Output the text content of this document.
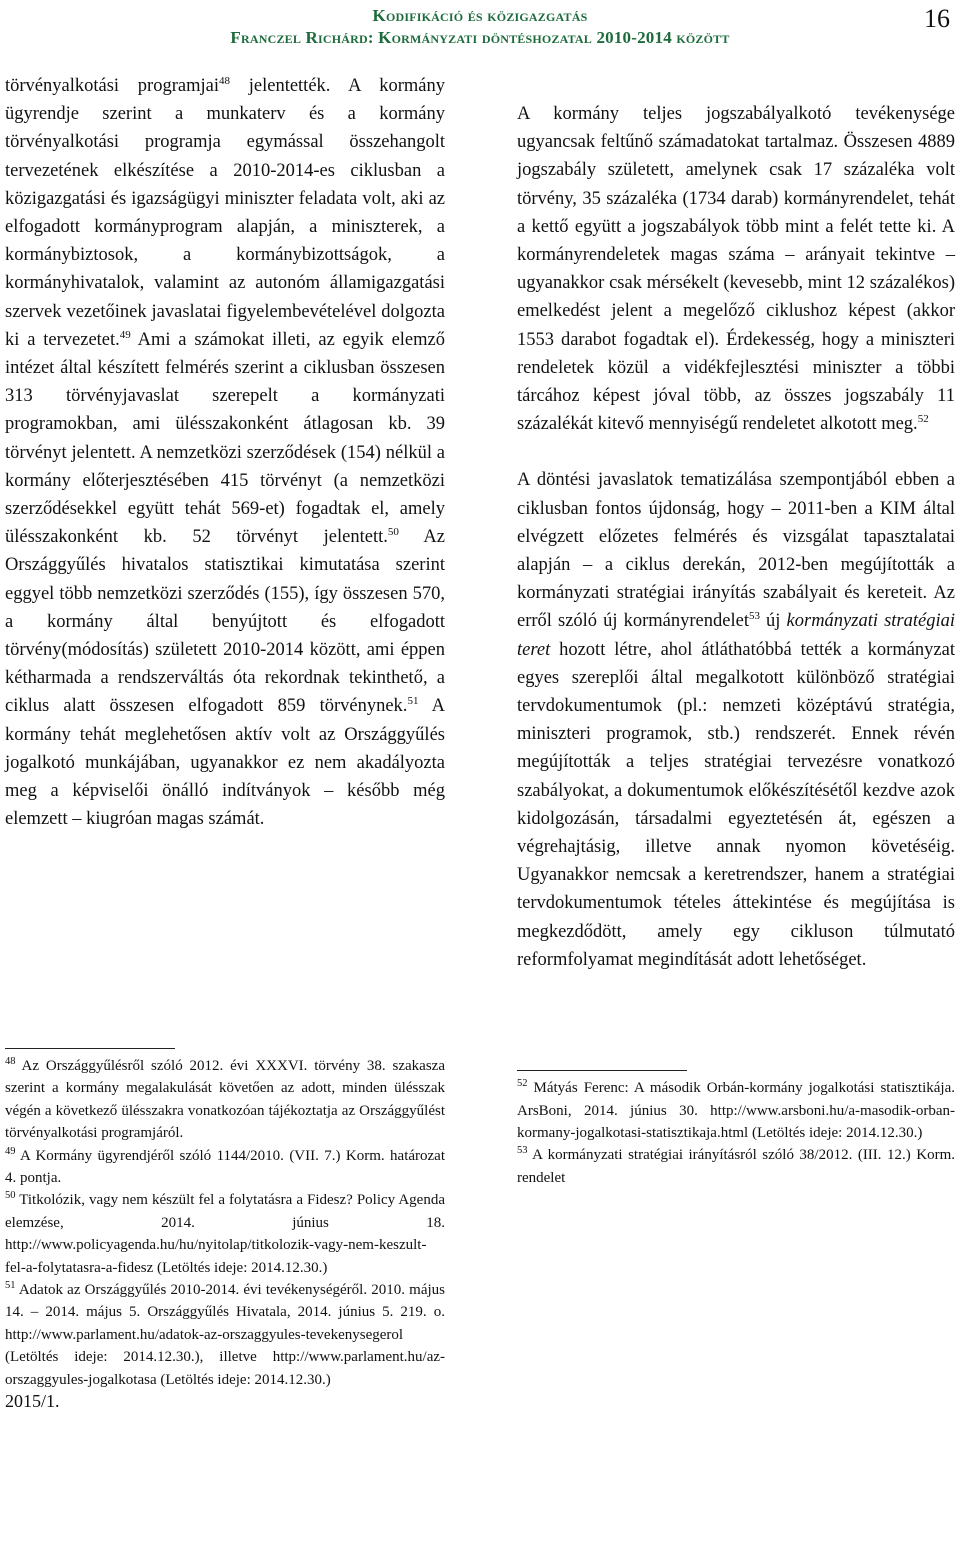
Kodifikáció és közigazgatás
Franczel Richárd: Kormányzati döntéshozatal 2010-2014 között
16

törvényalkotási programjai$^{48}$ jelentették. A kormány ügyrendje szerint a munkaterv és a kormány törvényalkotási programja egymással összehangolt tervezetének elkészítése a 2010-2014-es ciklusban a közigazgatási és igazságügyi miniszter feladata volt, aki az elfogadott kormányprogram alapján, a miniszterek, a kormánybiztosok, a kormánybizottságok, a kormányhivatalok, valamint az autonóm államigazgatási szervek vezetőinek javaslatai figyelembevételével dolgozta ki a tervezetet.$^{49}$ Ami a számokat illeti, az egyik elemző intézet által készített felmérés szerint a ciklusban összesen 313 törvényjavaslat szerepelt a kormányzati programokban, ami ülésszakonként átlagosan kb. 39 törvényt jelentett. A nemzetközi szerződések (154) nélkül a kormány előterjesztésében 415 törvényt (a nemzetközi szerződésekkel együtt tehát 569-et) fogadtak el, amely ülésszakonként kb. 52 törvényt jelentett.$^{50}$ Az Országgyűlés hivatalos statisztikai kimutatása szerint eggyel több nemzetközi szerződés (155), így összesen 570, a kormány által benyújtott és elfogadott törvény(módosítás) született 2010-2014 között, ami éppen kétharmada a rendszerváltás óta rekordnak tekinthető, a ciklus alatt összesen elfogadott 859 törvénynek.$^{51}$ A kormány tehát meglehetősen aktív volt az Országgyűlés jogalkotó munkájában, ugyanakkor ez nem akadályozta meg a képviselői önálló indítványok – később még elemzett – kiugróan magas számát.

$^{48}$ Az Országgyűlésről szóló 2012. évi XXXVI. törvény 38. szakasza szerint a kormány megalakulását követően az adott, minden ülésszak végén a következő ülésszakra vonatkozóan tájékoztatja az Országgyűlést törvényalkotási programjáról.

$^{49}$ A Kormány ügyrendjéről szóló 1144/2010. (VII. 7.) Korm. határozat 4. pontja.

$^{50}$ Titkolózik, vagy nem készült fel a folytatásra a Fidesz? Policy Agenda elemzése, 2014. június 18. http://www.policyagenda.hu/hu/nyitolap/titkolozik-vagy-nem-keszult-fel-a-folytatasra-a-fidesz (Letöltés ideje: 2014.12.30.)

$^{51}$ Adatok az Országgyűlés 2010-2014. évi tevékenységéről. 2010. május 14. – 2014. május 5. Országgyűlés Hivatala, 2014. június 5. 219. o. http://www.parlament.hu/adatok-az-orszaggyules-tevekenysegerol (Letöltés ideje: 2014.12.30.), illetve http://www.parlament.hu/az-orszaggyules-jogalkotasa (Letöltés ideje: 2014.12.30.)

2015/1.

A kormány teljes jogszabályalkotó tevékenysége ugyancsak feltűnő számadatokat tartalmaz. Összesen 4889 jogszabály született, amelynek csak 17 százaléka volt törvény, 35 százaléka (1734 darab) kormányrendelet, tehát a kettő együtt a jogszabályok több mint a felét tette ki. A kormányrendeletek magas száma – arányait tekintve – ugyanakkor csak mérsékelt (kevesebb, mint 12 százalékos) emelkedést jelent a megelőző ciklushoz képest (akkor 1553 darabot fogadtak el). Érdekesség, hogy a miniszteri rendeletek közül a vidékfejlesztési miniszter a többi tárcához képest jóval több, az összes jogszabály 11 százalékát kitevő mennyiségű rendeletet alkotott meg.$^{52}$

A döntési javaslatok tematizálása szempontjából ebben a ciklusban fontos újdonság, hogy – 2011-ben a KIM által elvégzett előzetes felmérés és vizsgálat tapasztalatai alapján – a ciklus derekán, 2012-ben megújították a kormányzati stratégiai irányítás szabályait és kereteit. Az erről szóló új kormányrendelet$^{53}$ új kormányzati stratégiai teret hozott létre, ahol átláthatóbbá tették a kormányzat egyes szereplői által megalkotott különböző stratégiai tervdokumentumok (pl.: nemzeti középtávú stratégia, miniszteri programok, stb.) rendszerét. Ennek révén megújították a teljes stratégiai tervezésre vonatkozó szabályokat, a dokumentumok előkészítésétől kezdve azok kidolgozásán, társadalmi egyeztetésén át, egészen a végrehajtásig, illetve annak nyomon követéséig. Ugyanakkor nemcsak a keretrendszer, hanem a stratégiai tervdokumentumok tételes áttekintése és megújítása is megkezdődött, amely egy cikluson túlmutató reformfolyamat megindítását adott lehetőséget.

$^{52}$ Mátyás Ferenc: A második Orbán-kormány jogalkotási statisztikája. ArsBoni, 2014. június 30. http://www.arsboni.hu/a-masodik-orban-kormany-jogalkotasi-statisztikaja.html (Letöltés ideje: 2014.12.30.)

$^{53}$ A kormányzati stratégiai irányításról szóló 38/2012. (III. 12.) Korm. rendelet
